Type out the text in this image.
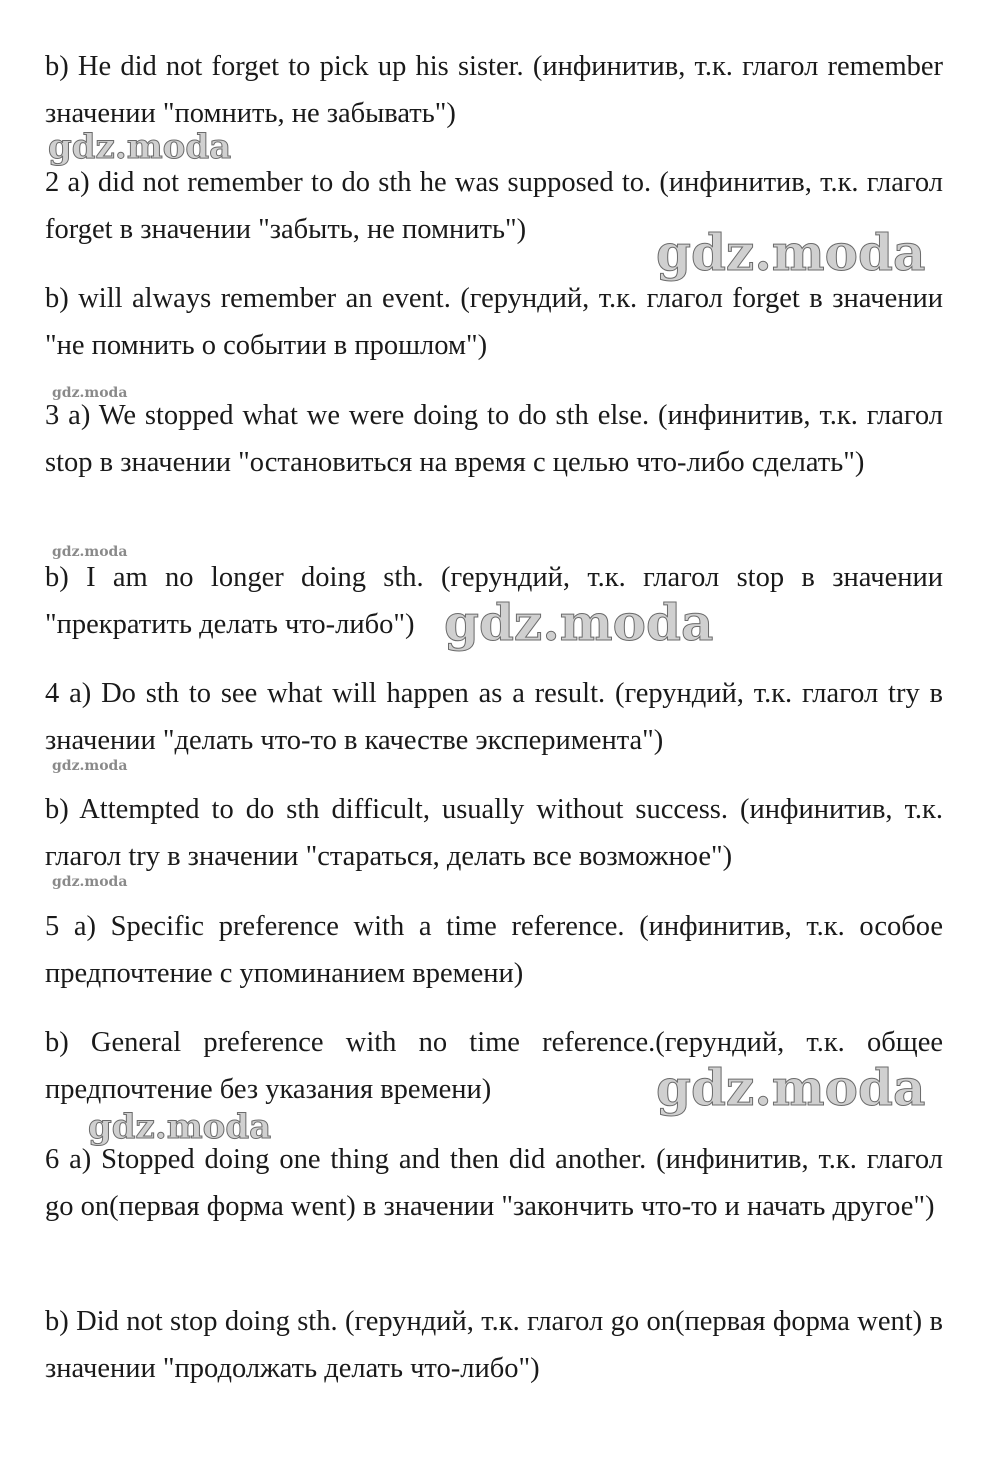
b) He did not forget to pick up his sister. (инфинитив, т.к. глагол remember значении "помнить, не забывать")

2 a) did not remember to do sth he was supposed to. (инфинитив, т.к. глагол forget в значении "забыть, не помнить")

b) will always remember an event. (герундий, т.к. глагол forget в значении "не помнить о событии в прошлом")

3 a) We stopped what we were doing to do sth else. (инфинитив, т.к. глагол stop в значении "остановиться на время с целью что-либо сделать")

b) I am no longer doing sth. (герундий, т.к. глагол stop в значении "прекратить делать что-либо")

4 a) Do sth to see what will happen as a result. (герундий, т.к. глагол try в значении "делать что-то в качестве эксперимента")

b) Attempted to do sth difficult, usually without success. (инфинитив, т.к. глагол try в значении "стараться, делать все возможное")

5 a) Specific preference with a time reference. (инфинитив, т.к. особое предпочтение с упоминанием времени)

b) General preference with no time reference.(герундий, т.к. общее предпочтение без указания времени)

6 a) Stopped doing one thing and then did another. (инфинитив, т.к. глагол go on(первая форма went) в значении "закончить что-то и начать другое")

b) Did not stop doing sth. (герундий, т.к. глагол go on(первая форма went) в значении "продолжать делать что-либо")

gdz.moda
gdz.moda
gdz.moda
gdz.moda
gdz.moda
gdz.moda
gdz.moda
gdz.moda
gdz.moda
